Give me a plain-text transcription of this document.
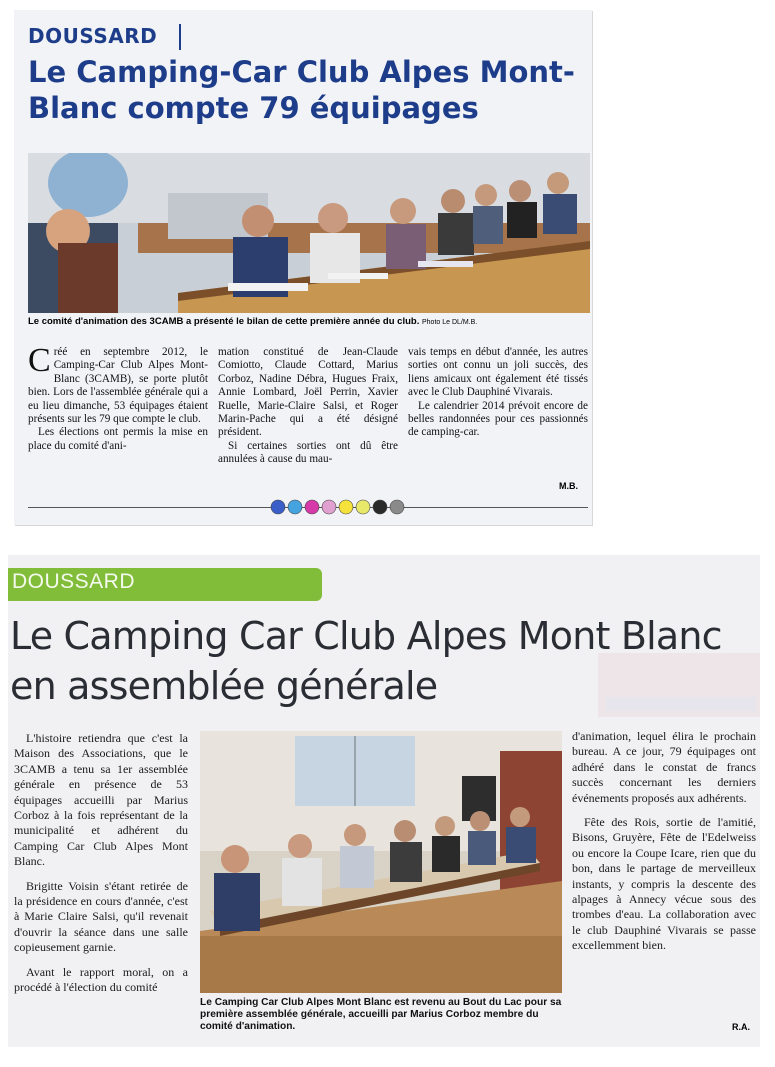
DOUSSARD
Le Camping-Car Club Alpes Mont-Blanc compte 79 équipages
Le comité d'animation des 3CAMB a présenté le bilan de cette première année du club. Photo Le DL/M.B.

Créé en septembre 2012, le Camping-Car Club Alpes Mont-Blanc (3CAMB), se porte plutôt bien. Lors de l'assemblée générale qui a eu lieu dimanche, 53 équipages étaient présents sur les 79 que compte le club.

Les élections ont permis la mise en place du comité d'ani-

mation constitué de Jean-Claude Comiotto, Claude Cottard, Marius Corboz, Nadine Débra, Hugues Fraix, Annie Lombard, Joël Perrin, Xavier Ruelle, Marie-Claire Salsi, et Roger Marin-Pache qui a été désigné président.

Si certaines sorties ont dû être annulées à cause du mau-

vais temps en début d'année, les autres sorties ont connu un joli succès, des liens amicaux ont également été tissés avec le Club Dauphiné Vivarais.

Le calendrier 2014 prévoit encore de belles randonnées pour ces passionnés de camping-car.

M.B.
DOUSSARD
Le Camping Car Club Alpes Mont Blanc
en assemblée générale

L'histoire retiendra que c'est la Maison des Associations, que le 3CAMB a tenu sa 1er assemblée générale en présence de 53 équipages accueilli par Marius Corboz à la fois représentant de la municipalité et adhérent du Camping Car Club Alpes Mont Blanc.

Brigitte Voisin s'étant retirée de la présidence en cours d'année, c'est à Marie Claire Salsi, qu'il revenait d'ouvrir la séance dans une salle copieusement garnie.

Avant le rapport moral, on a procédé à l'élection du comité

Le Camping Car Club Alpes Mont Blanc est revenu au Bout du Lac pour sa première assemblée générale, accueilli par Marius Corboz membre du comité d'animation.

d'animation, lequel élira le prochain bureau. A ce jour, 79 équipages ont adhéré dans le constat de francs succès concernant les derniers événements proposés aux adhérents.

Fête des Rois, sortie de l'amitié, Bisons, Gruyère, Fête de l'Edelweiss ou encore la Coupe Icare, rien que du bon, dans le partage de merveilleux instants, y compris la descente des alpages à Annecy vécue sous des trombes d'eau. La collaboration avec le club Dauphiné Vivarais se passe excellemment bien.

R.A.
